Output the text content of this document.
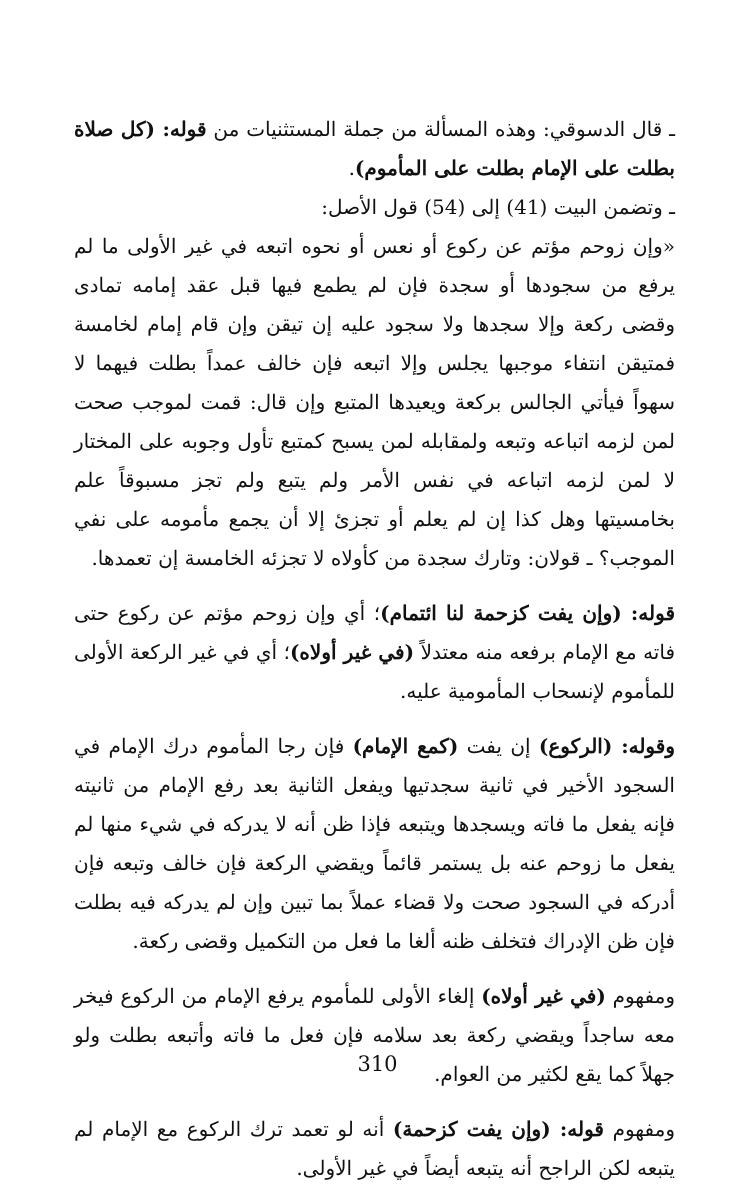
ـ قال الدسوقي: وهذه المسألة من جملة المستثنيات من قوله: (كل صلاة بطلت على الإمام بطلت على المأموم).

ـ وتضمن البيت (41) إلى (54) قول الأصل:

«وإن زوحم مؤتم عن ركوع أو نعس أو نحوه اتبعه في غير الأولى ما لم يرفع من سجودها أو سجدة فإن لم يطمع فيها قبل عقد إمامه تمادى وقضى ركعة وإلا سجدها ولا سجود عليه إن تيقن وإن قام إمام لخامسة فمتيقن انتفاء موجبها يجلس وإلا اتبعه فإن خالف عمداً بطلت فيهما لا سهواً فيأتي الجالس بركعة ويعيدها المتبع وإن قال: قمت لموجب صحت لمن لزمه اتباعه وتبعه ولمقابله لمن يسبح كمتبع تأول وجوبه على المختار لا لمن لزمه اتباعه في نفس الأمر ولم يتبع ولم تجز مسبوقاً علم بخامسيتها وهل كذا إن لم يعلم أو تجزئ إلا أن يجمع مأمومه على نفي الموجب؟ ـ قولان: وتارك سجدة من كأولاه لا تجزئه الخامسة إن تعمدها.

قوله: (وإن يفت كزحمة لنا ائتمام)؛ أي وإن زوحم مؤتم عن ركوع حتى فاته مع الإمام برفعه منه معتدلاً (في غير أولاه)؛ أي في غير الركعة الأولى للمأموم لإنسحاب المأمومية عليه.

وقوله: (الركوع) إن يفت (كمع الإمام) فإن رجا المأموم درك الإمام في السجود الأخير في ثانية سجدتيها ويفعل الثانية بعد رفع الإمام من ثانيته فإنه يفعل ما فاته ويسجدها ويتبعه فإذا ظن أنه لا يدركه في شيء منها لم يفعل ما زوحم عنه بل يستمر قائماً ويقضي الركعة فإن خالف وتبعه فإن أدركه في السجود صحت ولا قضاء عملاً بما تبين وإن لم يدركه فيه بطلت فإن ظن الإدراك فتخلف ظنه ألغا ما فعل من التكميل وقضى ركعة.

ومفهوم (في غير أولاه) إلغاء الأولى للمأموم يرفع الإمام من الركوع فيخر معه ساجداً ويقضي ركعة بعد سلامه فإن فعل ما فاته وأتبعه بطلت ولو جهلاً كما يقع لكثير من العوام.

ومفهوم قوله: (وإن يفت كزحمة) أنه لو تعمد ترك الركوع مع الإمام لم يتبعه لكن الراجح أنه يتبعه أيضاً في غير الأولى.

310
